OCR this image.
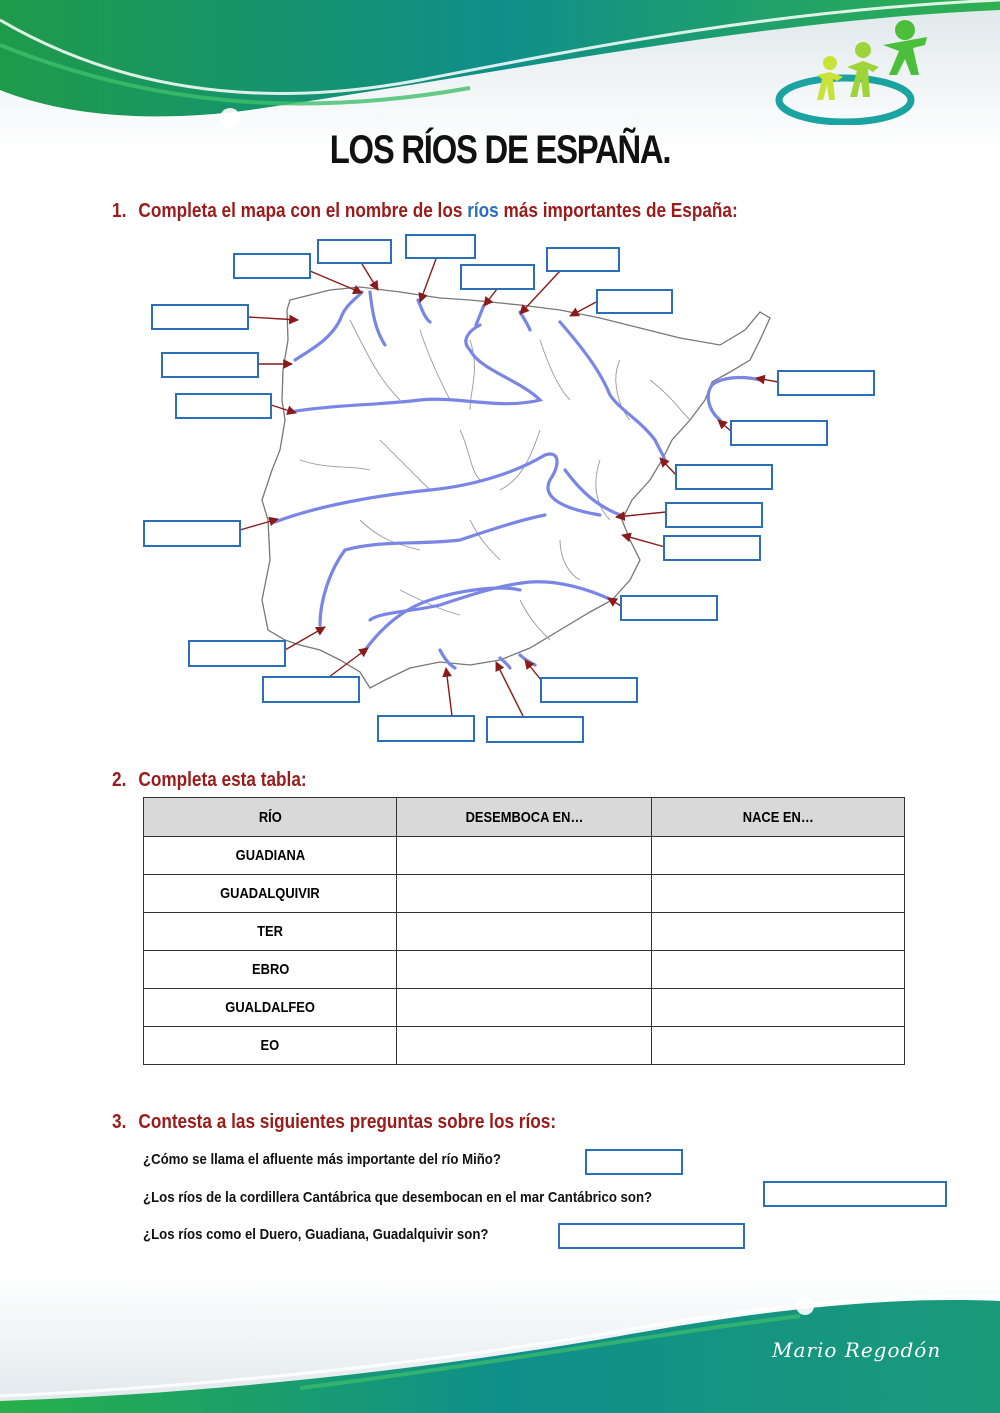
LOS RÍOS DE ESPAÑA.

1. Completa el mapa con el nombre de los ríos más importantes de España:

2. Completa esta tabla:

RÍO	DESEMBOCA EN…	NACE EN…
GUADIANA		
GUADALQUIVIR		
TER		
EBRO		
GUALDALFEO		
EO		

3. Contesta a las siguientes preguntas sobre los ríos:

¿Cómo se llama el afluente más importante del río Miño?

¿Los ríos de la cordillera Cantábrica que desembocan en el mar Cantábrico son?

¿Los ríos como el Duero, Guadiana, Guadalquivir son?

Mario Regodón
